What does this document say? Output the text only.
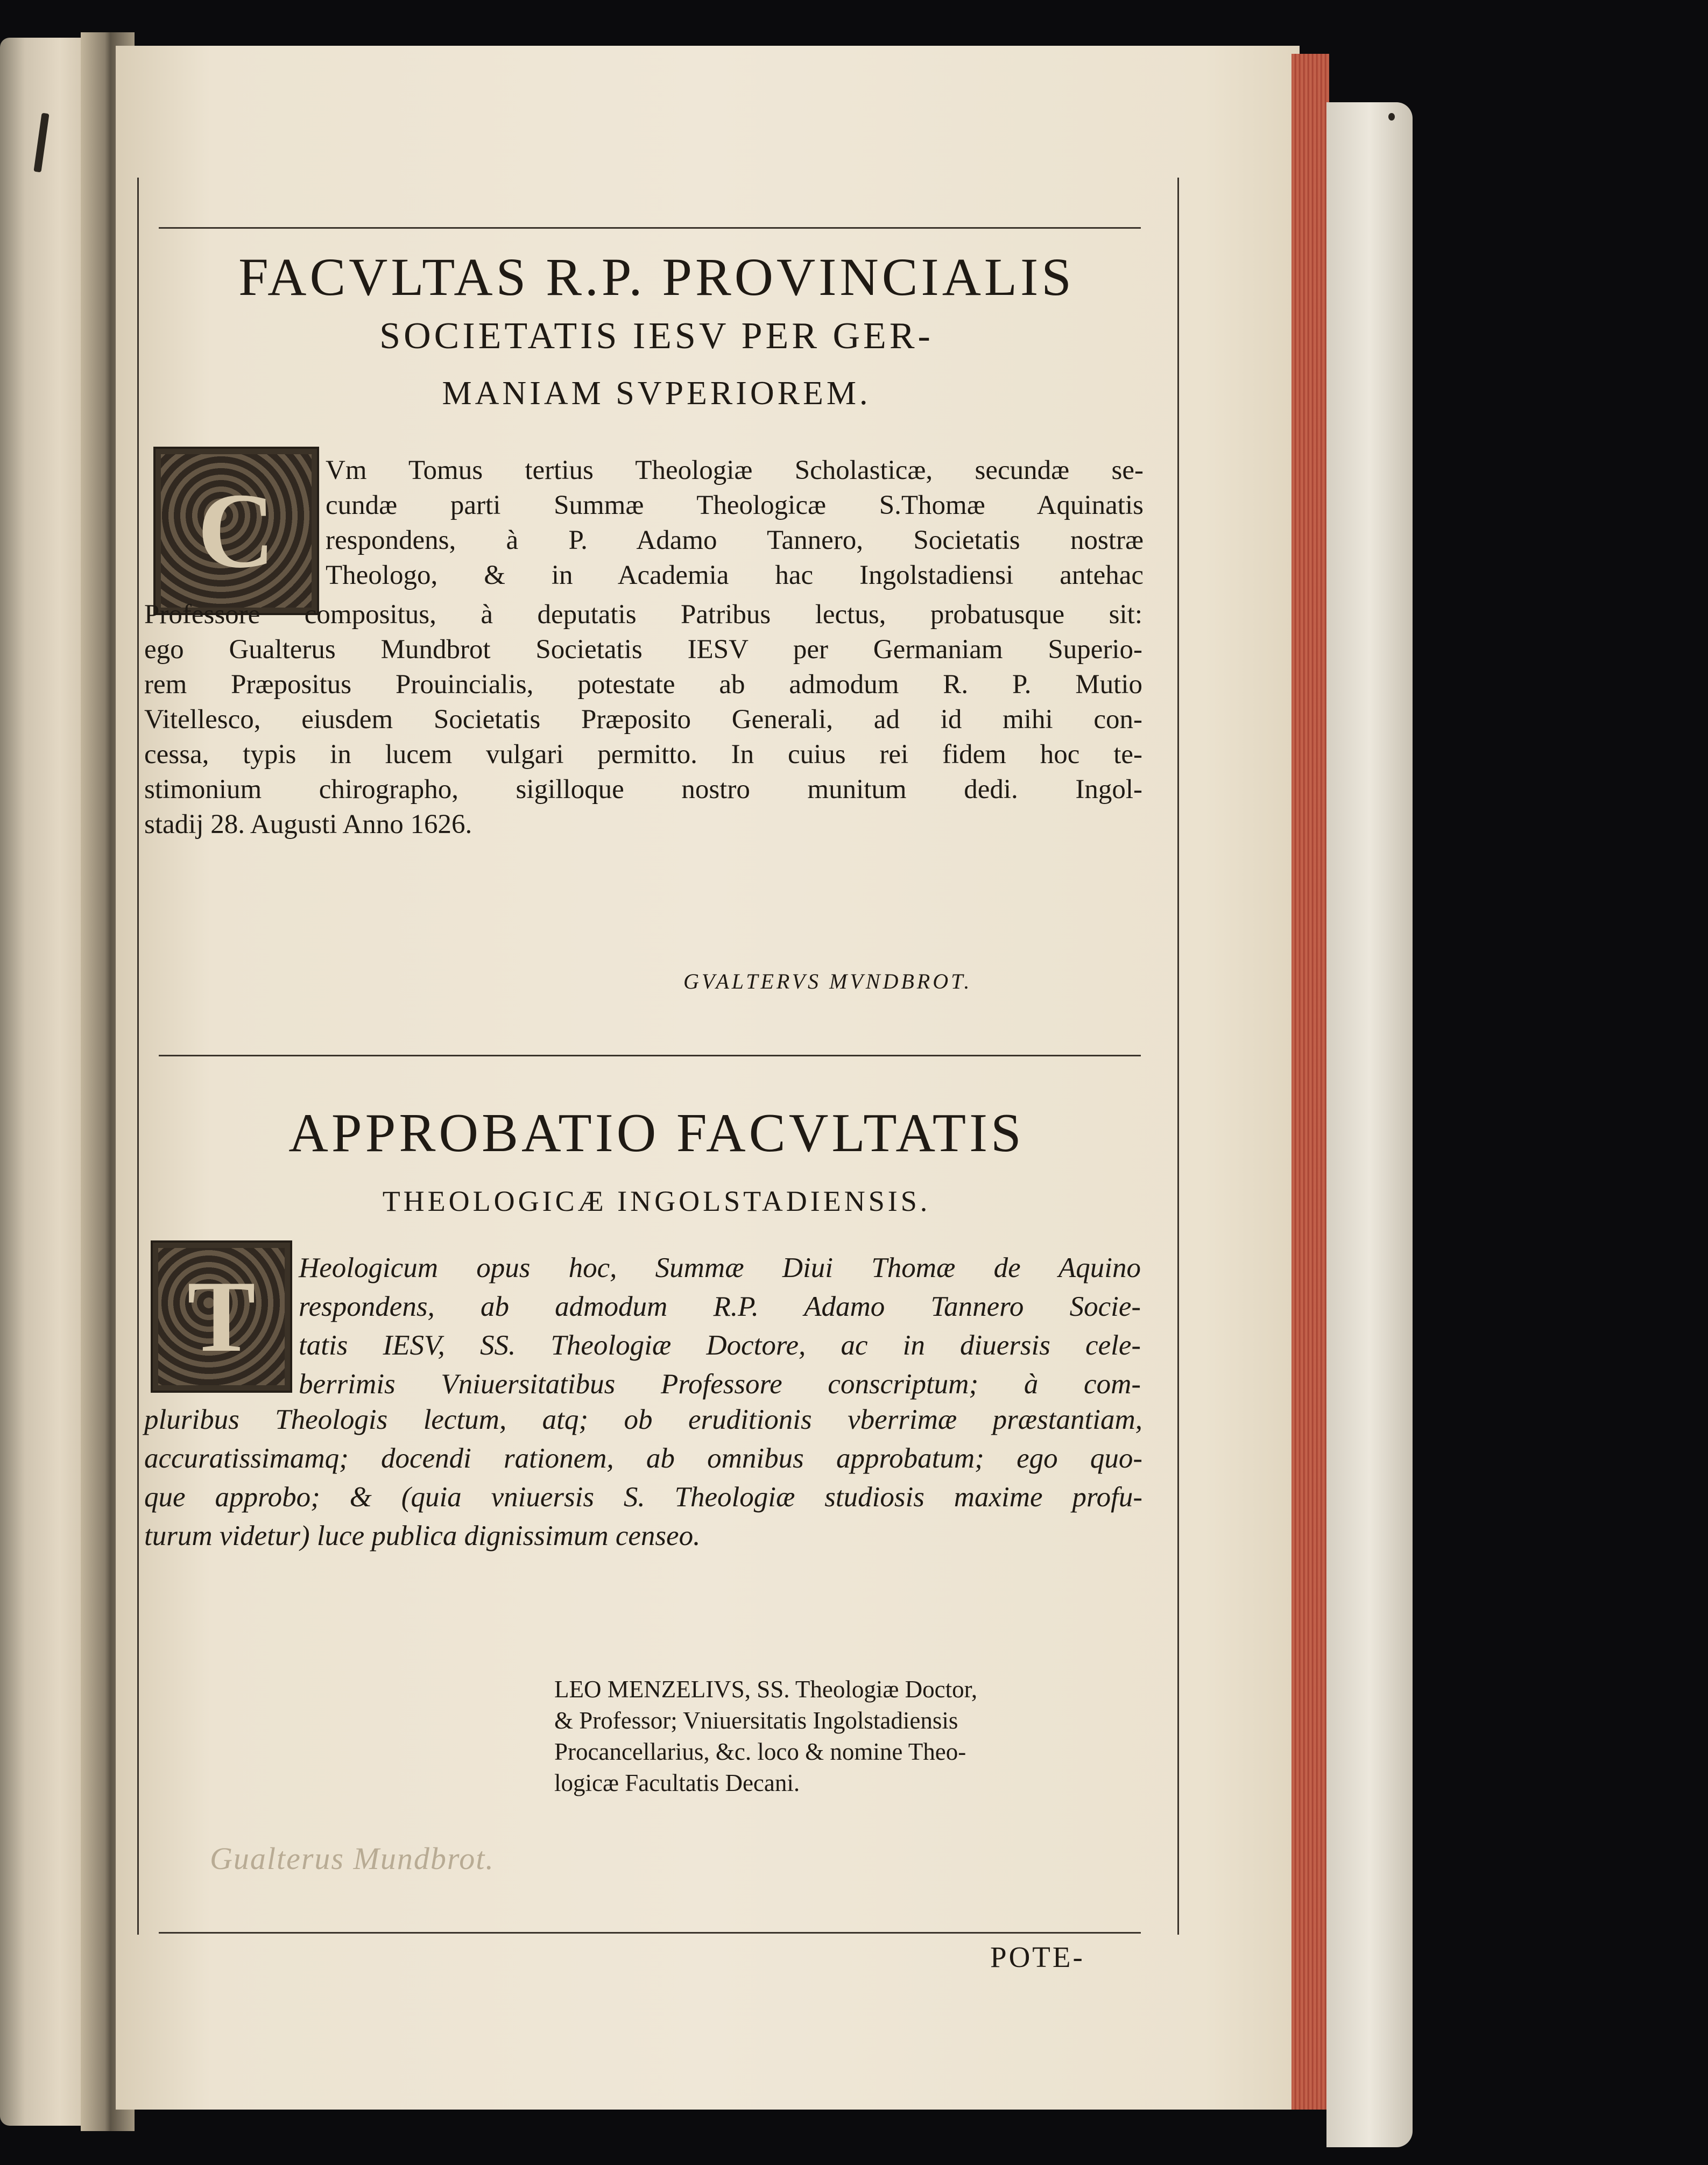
FACVLTAS R.P. PROVINCIALIS
SOCIETATIS IESV PER GER-
MANIAM SVPERIOREM.
C
Vm Tomus tertius Theologiæ Scholasticæ, secundæ se-
cundæ parti Summæ Theologicæ S.Thomæ Aquinatis
respondens, à P. Adamo Tannero, Societatis nostræ
Theologo, & in Academia hac Ingolstadiensi antehac
Professore compositus, à deputatis Patribus lectus, probatusque sit:
ego Gualterus Mundbrot Societatis IESV per Germaniam Superio-
rem Præpositus Prouincialis, potestate ab admodum R. P. Mutio
Vitellesco, eiusdem Societatis Præposito Generali, ad id mihi con-
cessa, typis in lucem vulgari permitto. In cuius rei fidem hoc te-
stimonium chirographo, sigilloque nostro munitum dedi. Ingol-
stadij 28. Augusti Anno 1626.
GVALTERVS MVNDBROT.
APPROBATIO FACVLTATIS
THEOLOGICÆ INGOLSTADIENSIS.
T Heologicum opus hoc, Summæ Diui Thomæ de Aquino
respondens, ab admodum R.P. Adamo Tannero Socie-
tatis IESV, SS. Theologiæ Doctore, ac in diuersis cele-
berrimis Vniuersitatibus Professore conscriptum; à com-
pluribus Theologis lectum, atq; ob eruditionis vberrimæ præstantiam,
accuratissimamq; docendi rationem, ab omnibus approbatum; ego quo-
que approbo; & (quia vniuersis S. Theologiæ studiosis maxime profu-
turum videtur) luce publica dignissimum censeo.
Gualterus Mundbrot.
LEO MENZELIVS, SS. Theologiæ Doctor,
& Professor; Vniuersitatis Ingolstadiensis
Procancellarius, &c. loco & nomine Theo-
logicæ Facultatis Decani.
POTE-
